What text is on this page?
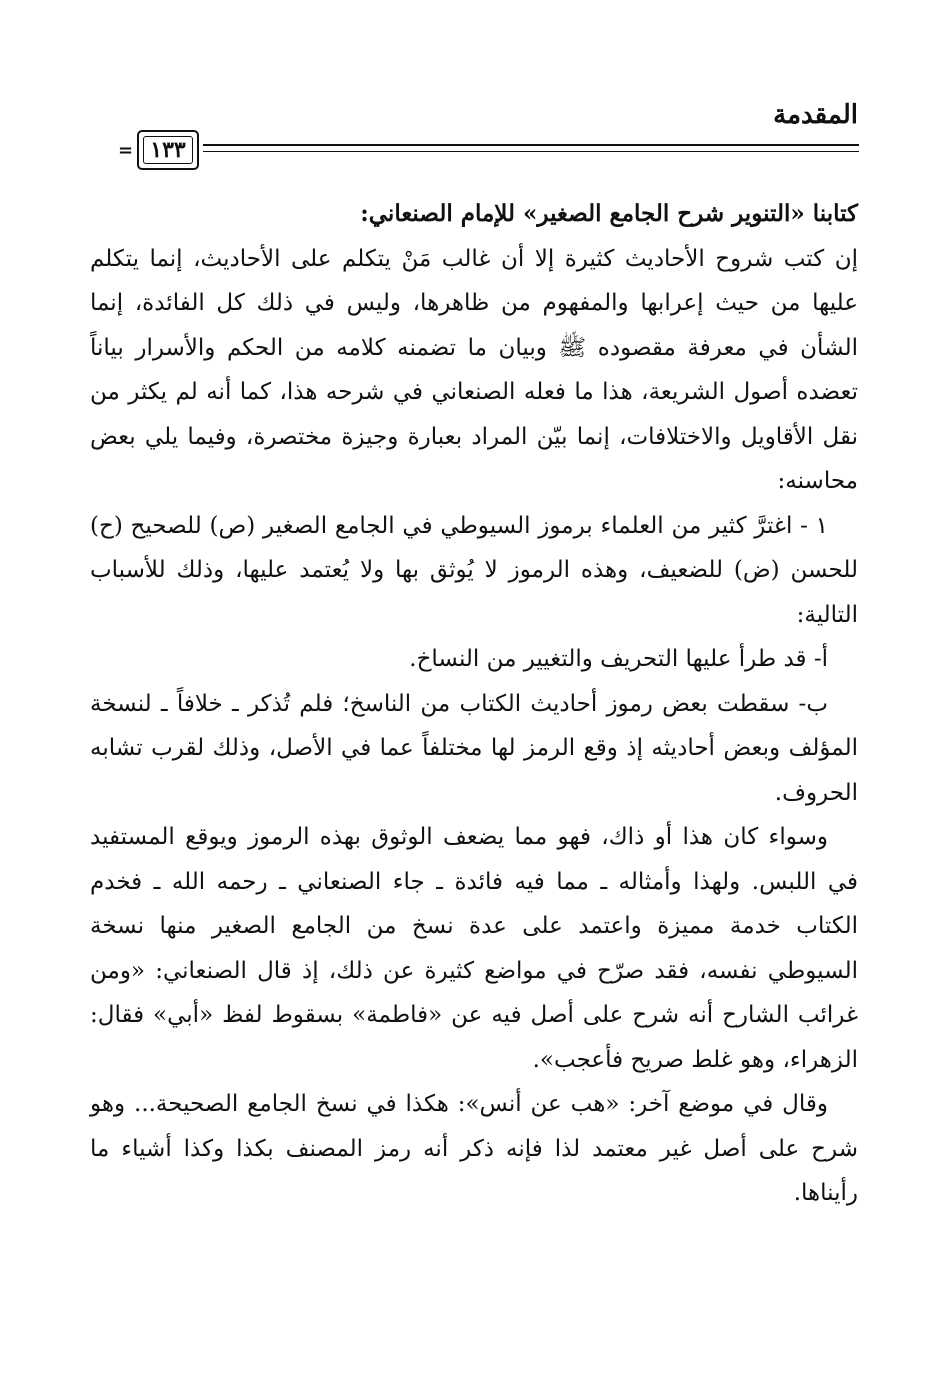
المقدمة
١٣٣
=

كتابنا «التنوير شرح الجامع الصغير» للإمام الصنعاني:

إن كتب شروح الأحاديث كثيرة إلا أن غالب مَنْ يتكلم على الأحاديث، إنما يتكلم عليها من حيث إعرابها والمفهوم من ظاهرها، وليس في ذلك كل الفائدة، إنما الشأن في معرفة مقصوده ﷺ وبيان ما تضمنه كلامه من الحكم والأسرار بياناً تعضده أصول الشريعة، هذا ما فعله الصنعاني في شرحه هذا، كما أنه لم يكثر من نقل الأقاويل والاختلافات، إنما بيّن المراد بعبارة وجيزة مختصرة، وفيما يلي بعض محاسنه:

١ - اغترَّ كثير من العلماء برموز السيوطي في الجامع الصغير (ص) للصحيح (ح) للحسن (ض) للضعيف، وهذه الرموز لا يُوثق بها ولا يُعتمد عليها، وذلك للأسباب التالية:

أ- قد طرأ عليها التحريف والتغيير من النساخ.

ب- سقطت بعض رموز أحاديث الكتاب من الناسخ؛ فلم تُذكر ـ خلافاً ـ لنسخة المؤلف وبعض أحاديثه إذ وقع الرمز لها مختلفاً عما في الأصل، وذلك لقرب تشابه الحروف.

وسواء كان هذا أو ذاك، فهو مما يضعف الوثوق بهذه الرموز ويوقع المستفيد في اللبس. ولهذا وأمثاله ـ مما فيه فائدة ـ جاء الصنعاني ـ رحمه الله ـ فخدم الكتاب خدمة مميزة واعتمد على عدة نسخ من الجامع الصغير منها نسخة السيوطي نفسه، فقد صرّح في مواضع كثيرة عن ذلك، إذ قال الصنعاني: «ومن غرائب الشارح أنه شرح على أصل فيه عن «فاطمة» بسقوط لفظ «أبي» فقال: الزهراء، وهو غلط صريح فأعجب».

وقال في موضع آخر: «هب عن أنس»: هكذا في نسخ الجامع الصحيحة... وهو شرح على أصل غير معتمد لذا فإنه ذكر أنه رمز المصنف بكذا وكذا أشياء ما رأيناها.
